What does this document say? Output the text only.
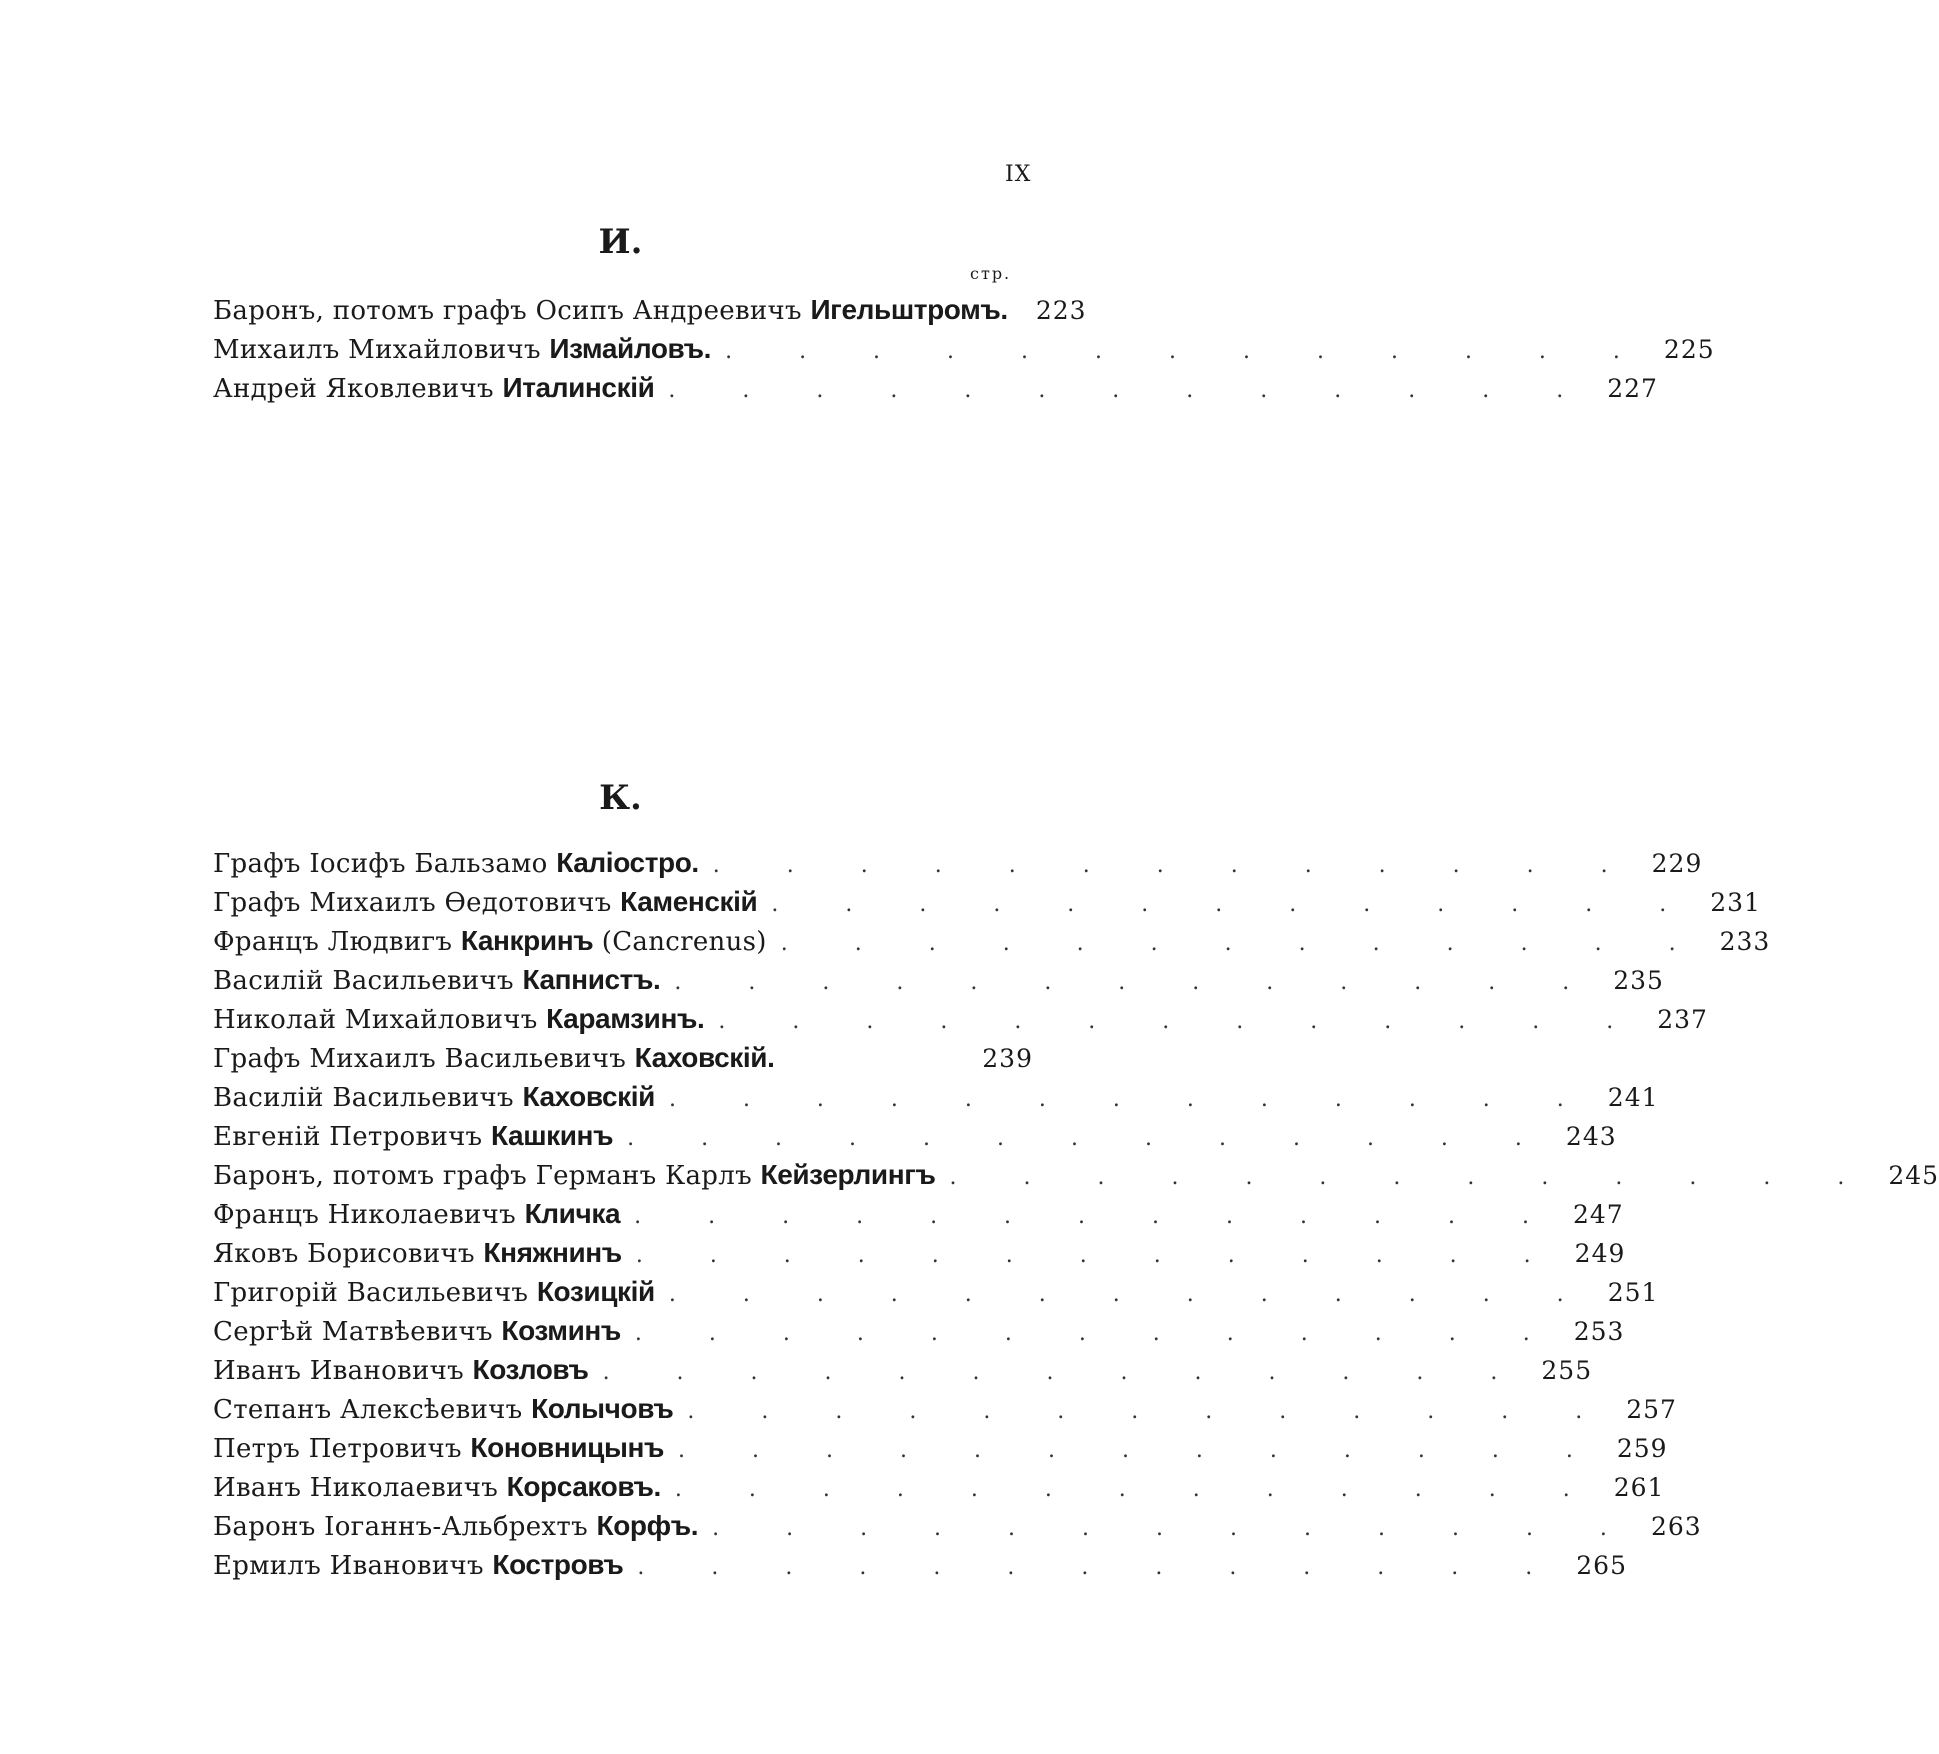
IX
И.
стр.
Баронъ, потомъ графъ Осипъ Андреевичъ Игельштромъ. 223
Михаилъ Михайловичъ Измайловъ. . . . . . . . . . . . . . 225
Андрей Яковлевичъ Италинскій . . . . . . . . . . . . . 227
К.
Графъ Іосифъ Бальзамо Каліостро. . . . . . . . . . . . . . 229
Графъ Михаилъ Ѳедотовичъ Каменскій . . . . . . . . . . . . . 231
Францъ Людвигъ Канкринъ (Cancrenus) . . . . . . . . . . . . . 233
Василій Васильевичъ Капнистъ. . . . . . . . . . . . . . 235
Николай Михайловичъ Карамзинъ. . . . . . . . . . . . . . 237
Графъ Михаилъ Васильевичъ Каховскій.	239
Василій Васильевичъ Каховскій . . . . . . . . . . . . . 241
Евгеній Петровичъ Кашкинъ . . . . . . . . . . . . . 243
Баронъ, потомъ графъ Германъ Карлъ Кейзерлингъ . . . . . . . . . . . . . 245
Францъ Николаевичъ Кличка . . . . . . . . . . . . . 247
Яковъ Борисовичъ Княжнинъ . . . . . . . . . . . . . 249
Григорій Васильевичъ Козицкій . . . . . . . . . . . . . 251
Сергѣй Матвѣевичъ Козминъ . . . . . . . . . . . . . 253
Иванъ Ивановичъ Козловъ . . . . . . . . . . . . . 255
Степанъ Алексѣевичъ Колычовъ . . . . . . . . . . . . . 257
Петръ Петровичъ Коновницынъ . . . . . . . . . . . . . 259
Иванъ Николаевичъ Корсаковъ. . . . . . . . . . . . . . 261
Баронъ Іоганнъ-Альбрехтъ Корфъ. . . . . . . . . . . . . . 263
Ермилъ Ивановичъ Костровъ . . . . . . . . . . . . . 265
